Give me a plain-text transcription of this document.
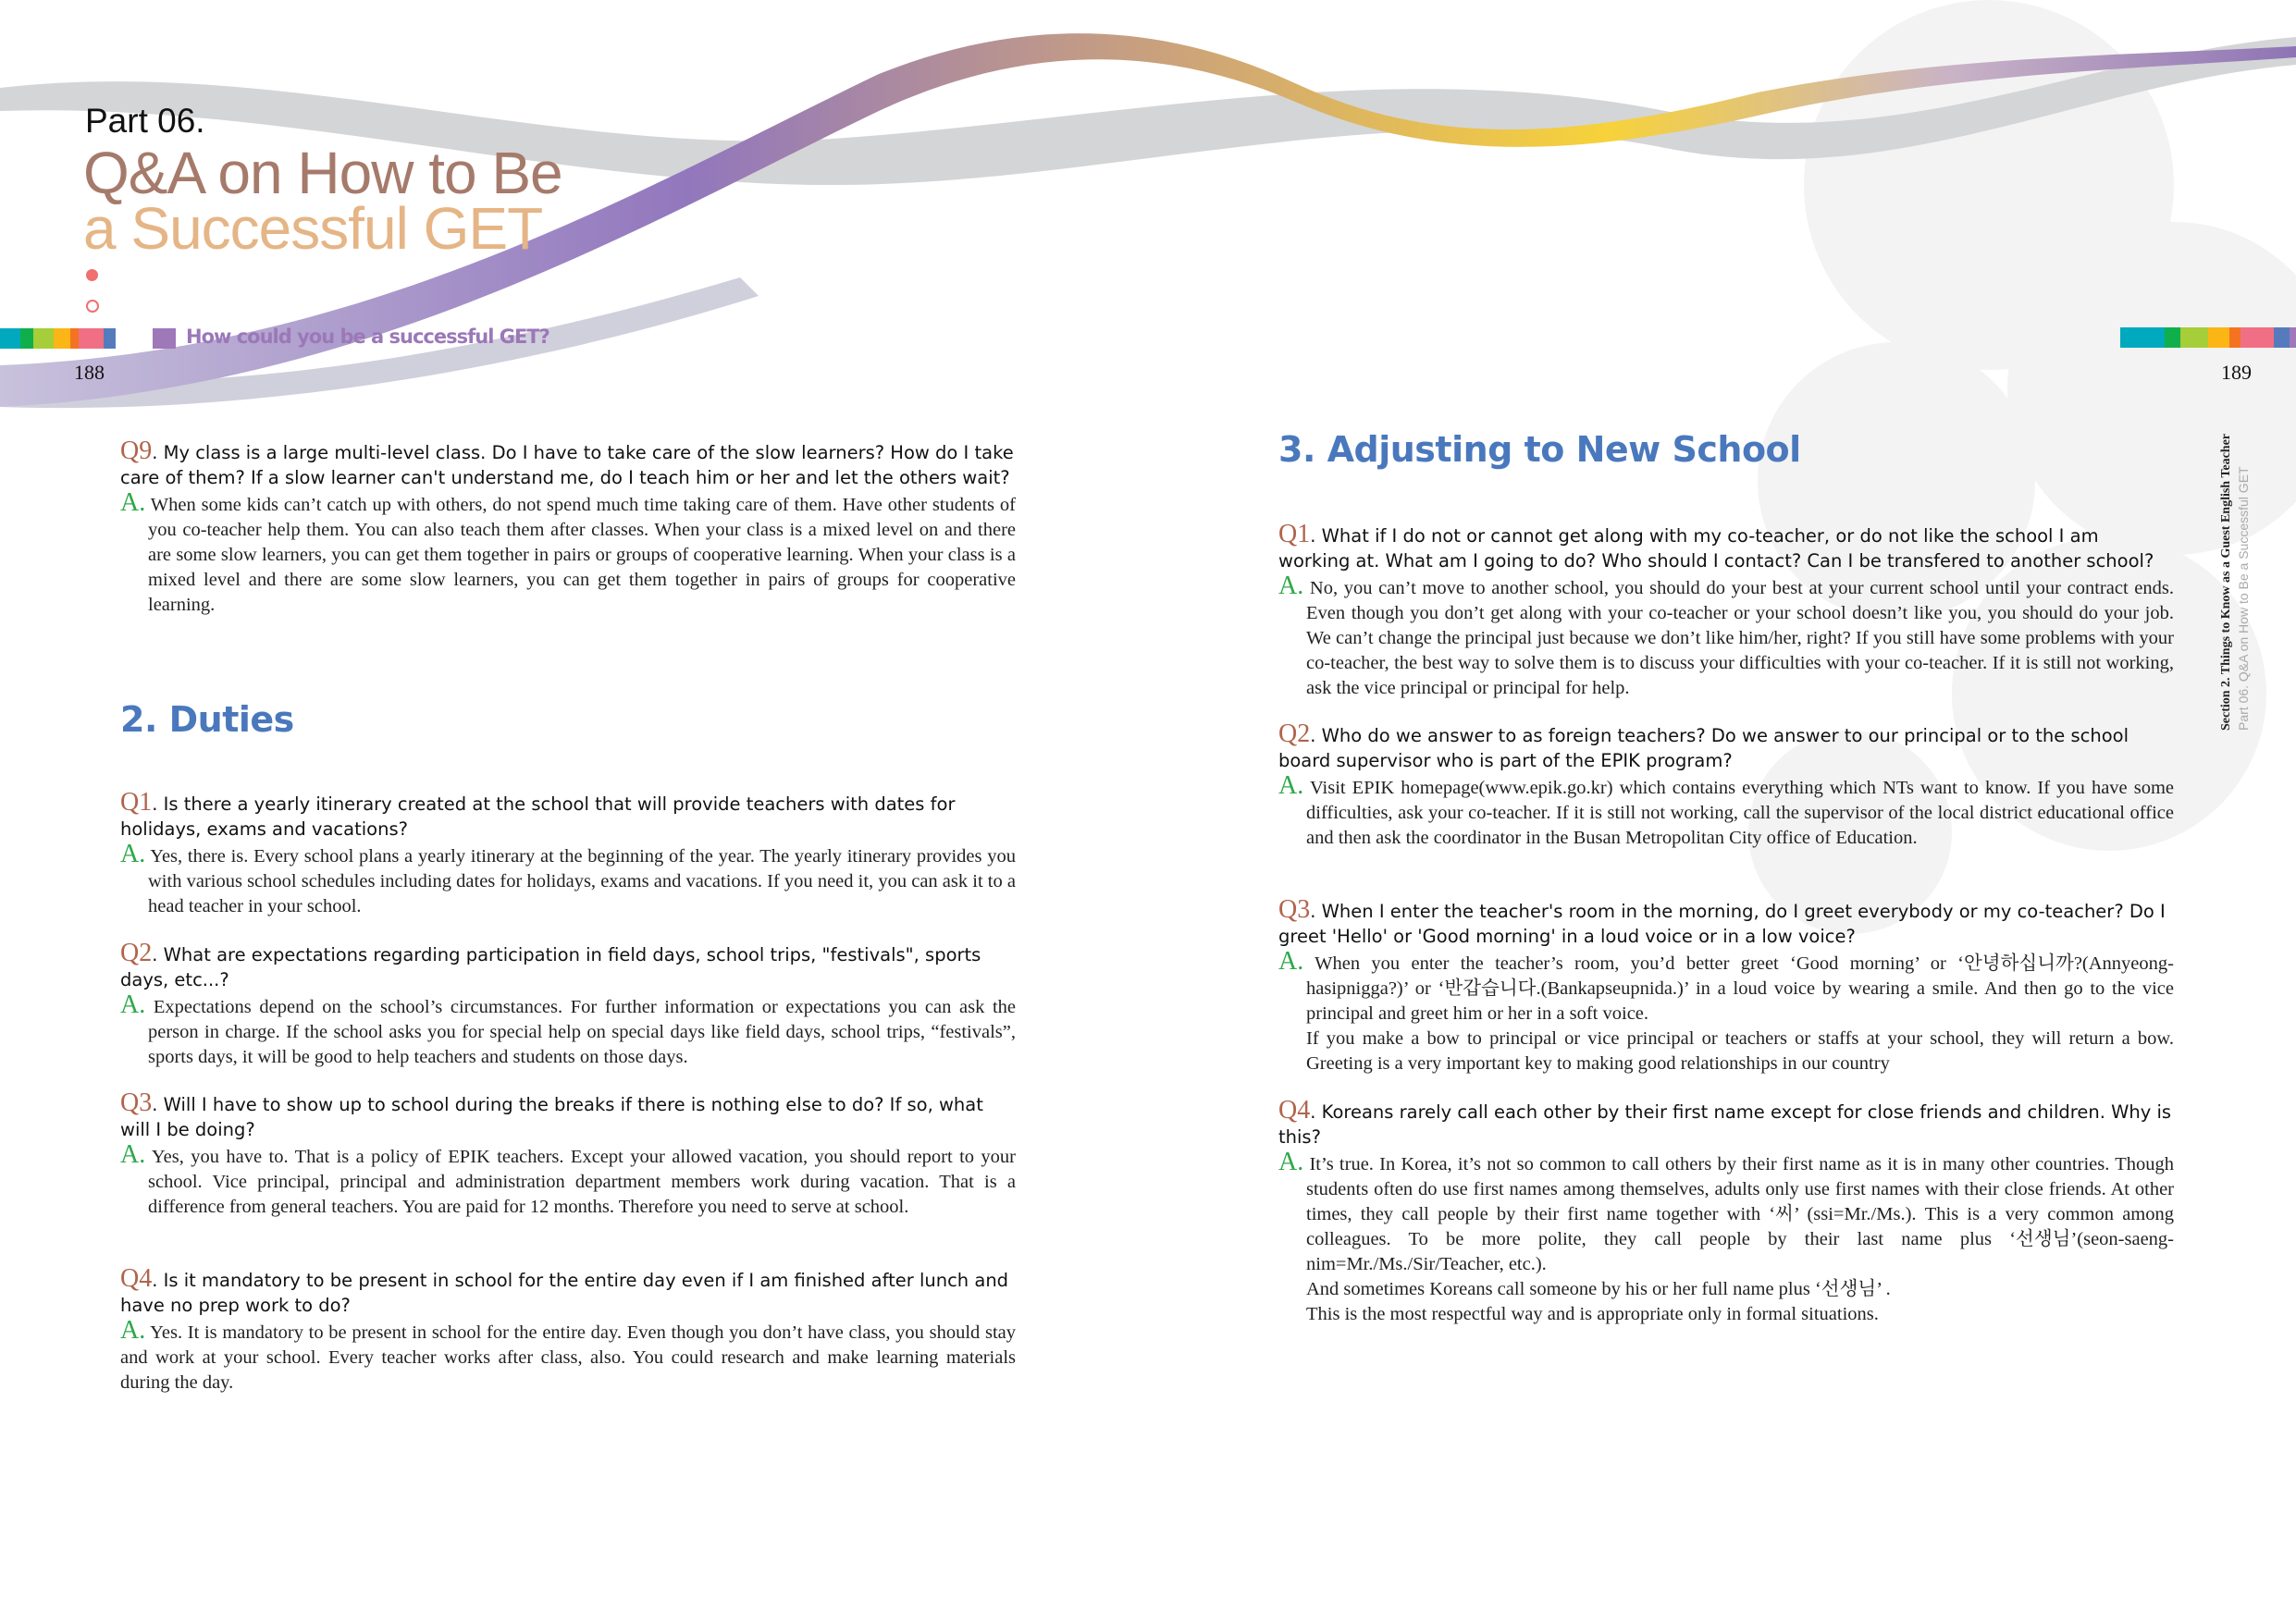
Part 06.
Q&A on How to Be
a Successful GET
How could you be a successful GET?
188	189
Section 2. Things to Know as a Guest English Teacher Part 06. Q&A on How to Be a Successful GET
Q9. My class is a large multi-level class. Do I have to take care of the slow learners? How do I take care of them? If a slow learner can't understand me, do I teach him or her and let the others wait?
A. When some kids can’t catch up with others, do not spend much time taking care of them. Have other students of you co-teacher help them. You can also teach them after classes. When your class is a mixed level on and there are some slow learners, you can get them together in pairs or groups of cooperative learning. When your class is a mixed level and there are some slow learners, you can get them together in pairs of groups for cooperative learning.
2. Duties
Q1. Is there a yearly itinerary created at the school that will provide teachers with dates for holidays, exams and vacations?
A. Yes, there is. Every school plans a yearly itinerary at the beginning of the year. The yearly itinerary provides you with various school schedules including dates for holidays, exams and vacations. If you need it, you can ask it to a head teacher in your school.
Q2. What are expectations regarding participation in field days, school trips, "festivals", sports days, etc...?
A. Expectations depend on the school’s circumstances. For further information or expectations you can ask the person in charge. If the school asks you for special help on special days like field days, school trips, “festivals”, sports days, it will be good to help teachers and students on those days.
Q3. Will I have to show up to school during the breaks if there is nothing else to do? If so, what will I be doing?
A. Yes, you have to. That is a policy of EPIK teachers. Except your allowed vacation, you should report to your school. Vice principal, principal and administration department members work during vacation. That is a difference from general teachers. You are paid for 12 months. Therefore you need to serve at school.
Q4. Is it mandatory to be present in school for the entire day even if I am finished after lunch and have no prep work to do?
A. Yes. It is mandatory to be present in school for the entire day. Even though you don’t have class, you should stay and work at your school. Every teacher works after class, also. You could research and make learning materials during the day.
3. Adjusting to New School
Q1. What if I do not or cannot get along with my co-teacher, or do not like the school I am working at. What am I going to do? Who should I contact? Can I be transfered to another school?
A. No, you can’t move to another school, you should do your best at your current school until your contract ends. Even though you don’t get along with your co-teacher or your school doesn’t like you, you should do your job. We can’t change the principal just because we don’t like him/her, right? If you still have some problems with your co-teacher, the best way to solve them is to discuss your difficulties with your co-teacher. If it is still not working, ask the vice principal or principal for help.
Q2. Who do we answer to as foreign teachers? Do we answer to our principal or to the school board supervisor who is part of the EPIK program?
A. Visit EPIK homepage(www.epik.go.kr) which contains everything which NTs want to know. If you have some difficulties, ask your co-teacher. If it is still not working, call the supervisor of the local district educational office and then ask the coordinator in the Busan Metropolitan City office of Education.
Q3. When I enter the teacher's room in the morning, do I greet everybody or my co-teacher? Do I greet 'Hello' or 'Good morning' in a loud voice or in a low voice?
A. When you enter the teacher’s room, you’d better greet ‘Good morning’ or ‘안녕하십니까?(Annyeong-hasipnigga?)’ or ‘반갑습니다.(Bankapseupnida.)’ in a loud voice by wearing a smile. And then go to the vice principal and greet him or her in a soft voice.

If you make a bow to principal or vice principal or teachers or staffs at your school, they will return a bow. Greeting is a very important key to making good relationships in our country

Q4. Koreans rarely call each other by their first name except for close friends and children. Why is this?
A. It’s true. In Korea, it’s not so common to call others by their first name as it is in many other countries. Though students often do use first names among themselves, adults only use first names with their close friends. At other times, they call people by their first name together with ‘씨’ (ssi=Mr./Ms.). This is a very common among colleagues. To be more polite, they call people by their last name plus ‘선생님’(seon-saeng-nim=Mr./Ms./Sir/Teacher, etc.).

And sometimes Koreans call someone by his or her full name plus ‘선생님’ .

This is the most respectful way and is appropriate only in formal situations.
